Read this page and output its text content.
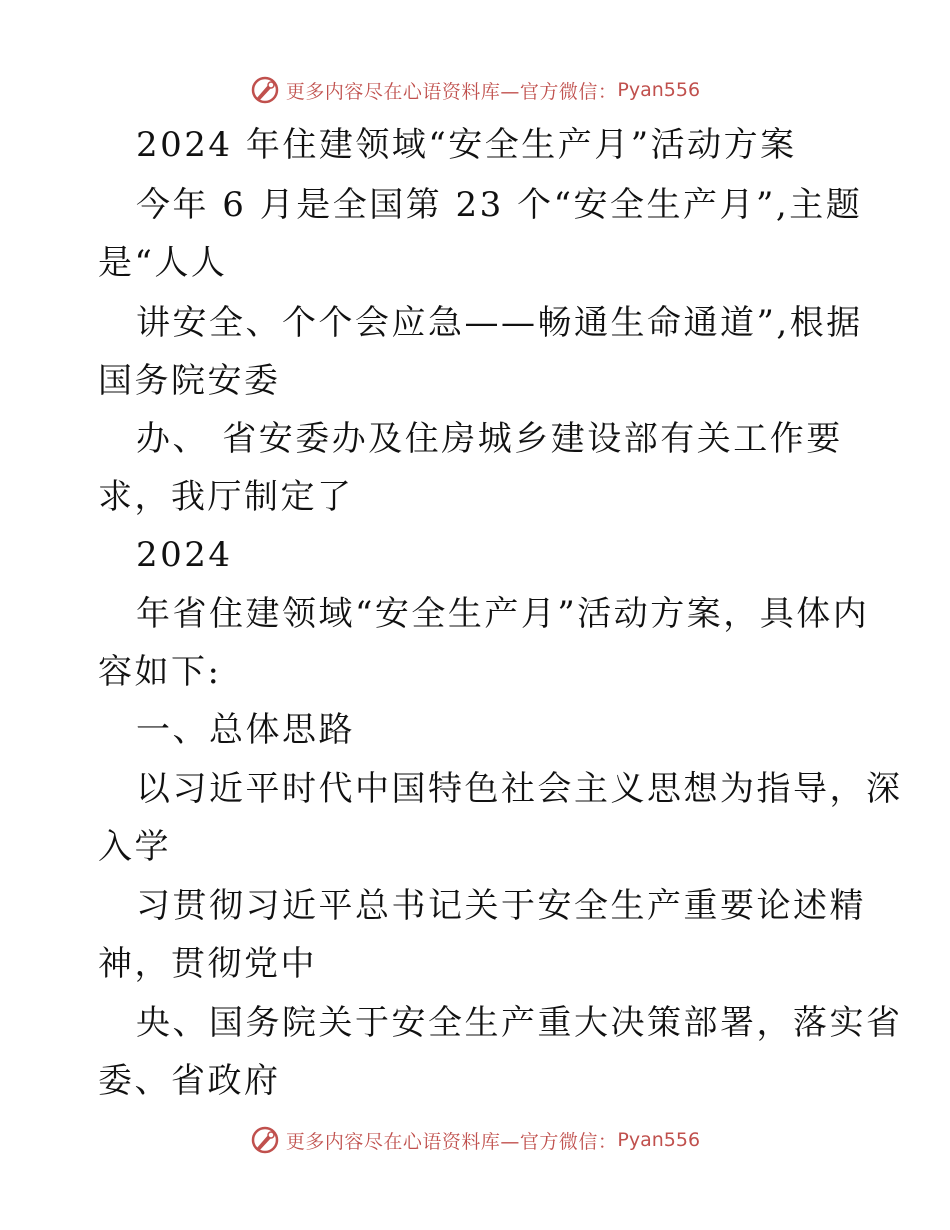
更多内容尽在心语资料库—官方微信： Pyan556
2024 年住建领域“安全生产月”活动方案
今年 6 月是全国第 23 个“安全生产月”,主题
是“人人
讲安全、个个会应急——畅通生命通道”,根据
国务院安委
办、 省安委办及住房城乡建设部有关工作要
求，我厅制定了
2024
年省住建领域“安全生产月”活动方案，具体内
容如下:
一、总体思路
以习近平时代中国特色社会主义思想为指导，深
入学
习贯彻习近平总书记关于安全生产重要论述精
神，贯彻党中
央、国务院关于安全生产重大决策部署，落实省
委、省政府
更多内容尽在心语资料库—官方微信： Pyan556
